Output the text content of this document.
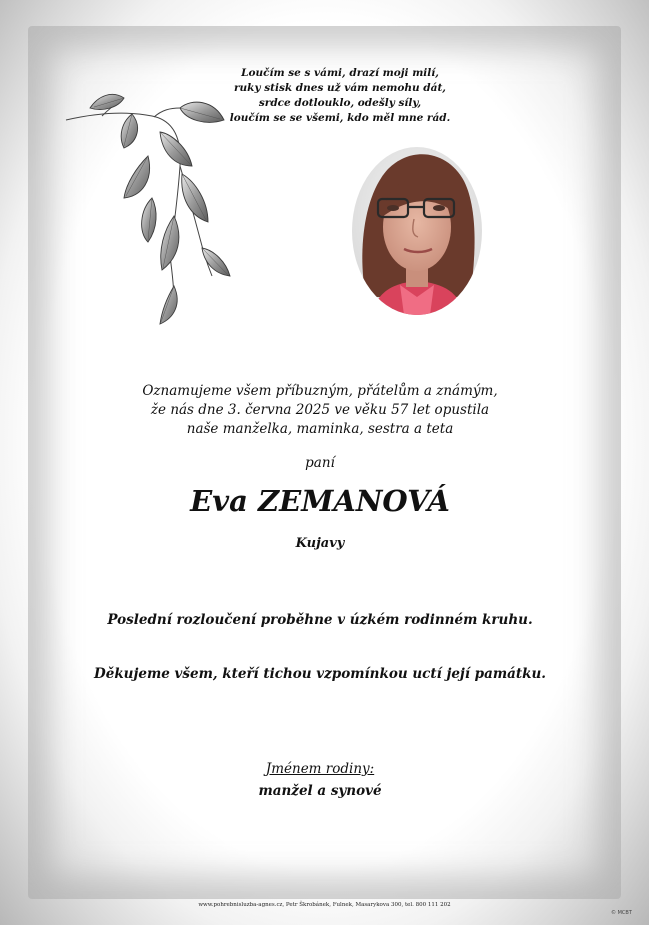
Loučím se s vámi, drazí moji milí,
ruky stisk dnes už vám nemohu dát,
srdce dotlouklo, odešly síly,
loučím se se všemi, kdo měl mne rád.
Oznamujeme všem příbuzným, přátelům a známým,
že nás dne 3. června 2025 ve věku 57 let opustila
naše manželka, maminka, sestra a teta
paní
Eva ZEMANOVÁ
Kujavy
Poslední rozloučení proběhne v úzkém rodinném kruhu.
Děkujeme všem, kteří tichou vzpomínkou uctí její památku.
Jménem rodiny:
manžel a synové
www.pohrebnisluzba-agnes.cz, Petr Škrobánek, Fulnek, Masarykova 300, tel. 800 111 202
© MCBT
